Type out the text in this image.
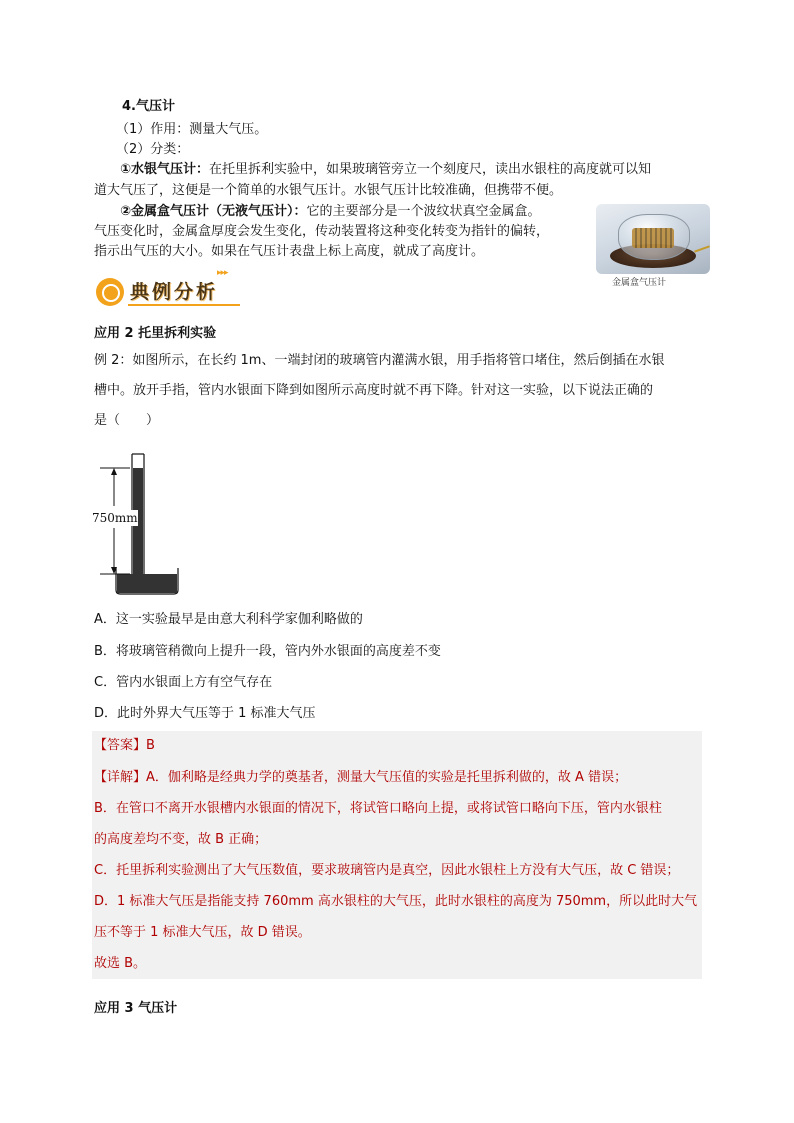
4.气压计
（1）作用：测量大气压。
（2）分类：
①水银气压计：在托里拆利实验中，如果玻璃管旁立一个刻度尺，读出水银柱的高度就可以知
道大气压了，这便是一个简单的水银气压计。水银气压计比较准确，但携带不便。
②金属盒气压计（无液气压计）：它的主要部分是一个波纹状真空金属盒。
气压变化时，金属盒厚度会发生变化，传动装置将这种变化转变为指针的偏转，
指示出气压的大小。如果在气压计表盘上标上高度，就成了高度计。
金属盒气压计
典例分析
▸▸▸
应用 2 托里拆利实验
例 2：如图所示，在长约 1m、一端封闭的玻璃管内灌满水银，用手指将管口堵住，然后倒插在水银
槽中。放开手指，管内水银面下降到如图所示高度时就不再下降。针对这一实验，以下说法正确的
是（　　）
750mm
A．这一实验最早是由意大利科学家伽利略做的
B．将玻璃管稍微向上提升一段，管内外水银面的高度差不变
C．管内水银面上方有空气存在
D．此时外界大气压等于 1 标准大气压
【答案】B
【详解】A．伽利略是经典力学的奠基者，测量大气压值的实验是托里拆利做的，故 A 错误；
B．在管口不离开水银槽内水银面的情况下，将试管口略向上提，或将试管口略向下压，管内水银柱
的高度差均不变，故 B 正确；
C．托里拆利实验测出了大气压数值，要求玻璃管内是真空，因此水银柱上方没有大气压，故 C 错误；
D．1 标准大气压是指能支持 760mm 高水银柱的大气压，此时水银柱的高度为 750mm，所以此时大气
压不等于 1 标准大气压，故 D 错误。
故选 B。
应用 3 气压计
